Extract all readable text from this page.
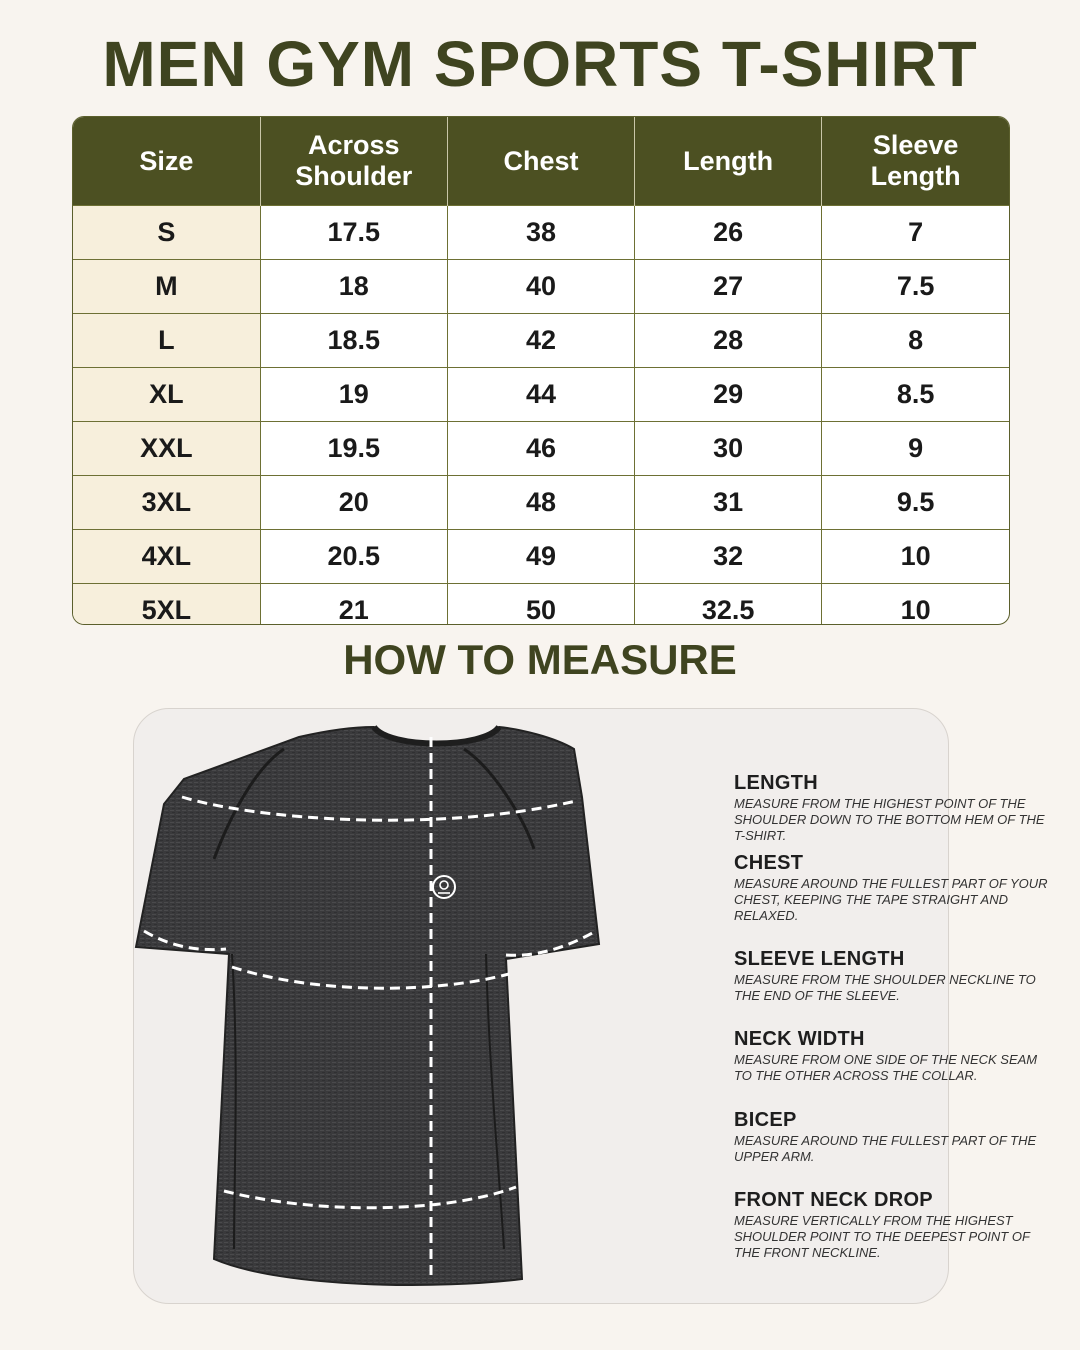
MEN GYM SPORTS T-SHIRT
Size	Across Shoulder	Chest	Length	Sleeve Length
S	17.5	38	26	7
M	18	40	27	7.5
L	18.5	42	28	8
XL	19	44	29	8.5
XXL	19.5	46	30	9
3XL	20	48	31	9.5
4XL	20.5	49	32	10
5XL	21	50	32.5	10
HOW TO MEASURE
LENGTH

MEASURE FROM THE HIGHEST POINT OF THE SHOULDER DOWN TO THE BOTTOM HEM OF THE T-SHIRT.

CHEST

MEASURE AROUND THE FULLEST PART OF YOUR CHEST, KEEPING THE TAPE STRAIGHT AND RELAXED.

SLEEVE LENGTH

MEASURE FROM THE SHOULDER NECKLINE TO THE END OF THE SLEEVE.

NECK WIDTH

MEASURE FROM ONE SIDE OF THE NECK SEAM TO THE OTHER ACROSS THE COLLAR.

BICEP

MEASURE AROUND THE FULLEST PART OF THE UPPER ARM.

FRONT NECK DROP

MEASURE VERTICALLY FROM THE HIGHEST SHOULDER POINT TO THE DEEPEST POINT OF THE FRONT NECKLINE.
